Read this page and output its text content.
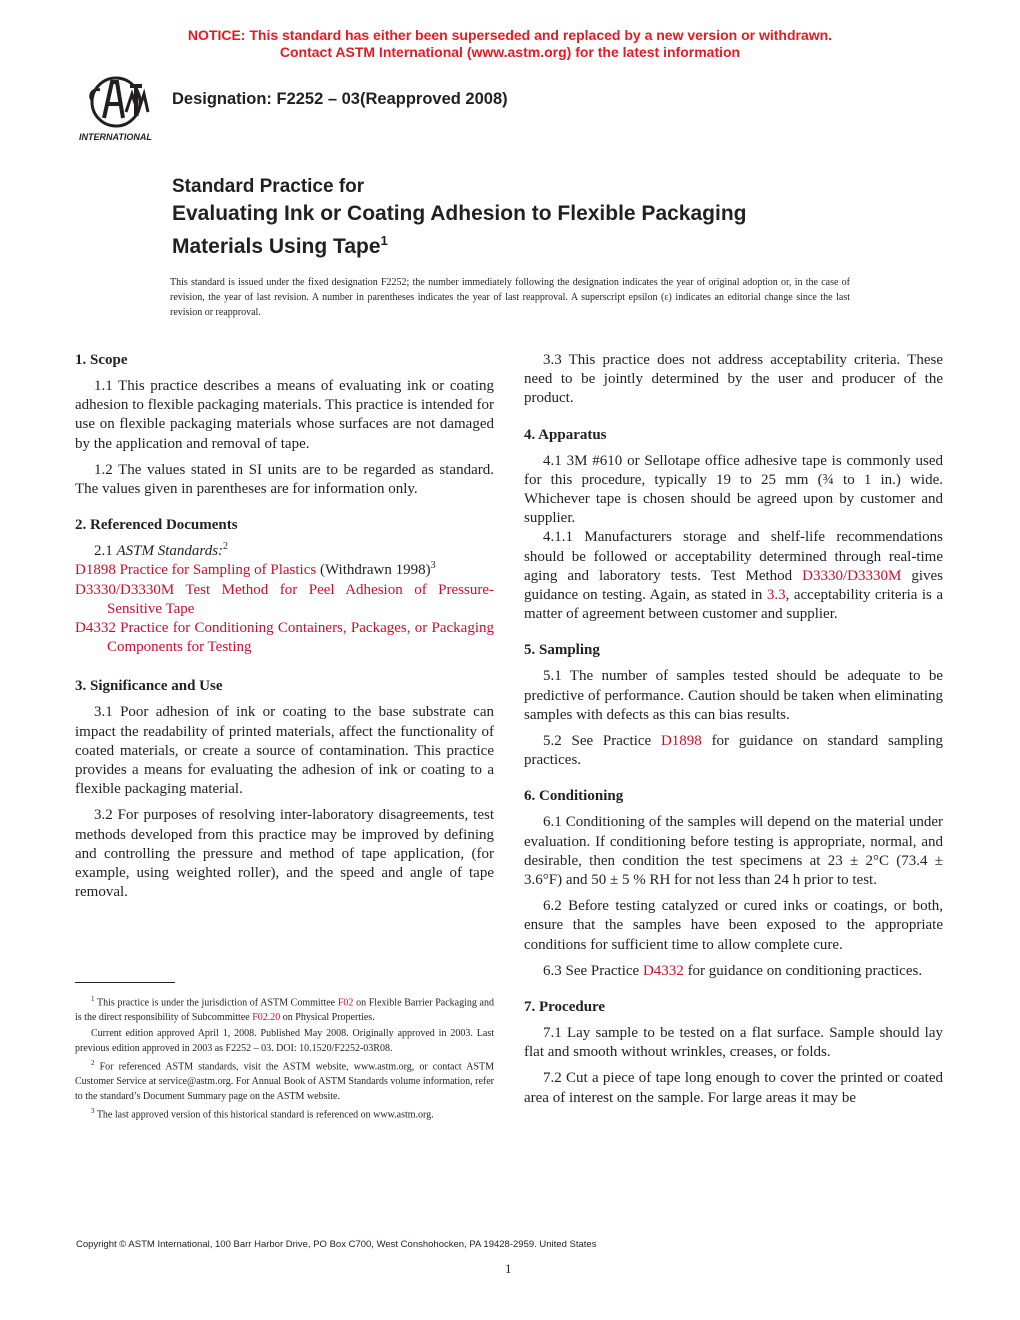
NOTICE: This standard has either been superseded and replaced by a new version or withdrawn.
Contact ASTM International (www.astm.org) for the latest information
INTERNATIONAL
Designation: F2252 – 03(Reapproved 2008)
Standard Practice for
Evaluating Ink or Coating Adhesion to Flexible Packaging
Materials Using Tape$^1$
This standard is issued under the fixed designation F2252; the number immediately following the designation indicates the year of original adoption or, in the case of revision, the year of last revision. A number in parentheses indicates the year of last reapproval. A superscript epsilon (ε) indicates an editorial change since the last revision or reapproval.
1. Scope

1.1 This practice describes a means of evaluating ink or coating adhesion to flexible packaging materials. This practice is intended for use on flexible packaging materials whose surfaces are not damaged by the application and removal of tape.

1.2 The values stated in SI units are to be regarded as standard. The values given in parentheses are for information only.

2. Referenced Documents

2.1 ASTM Standards:$^2$

D1898 Practice for Sampling of Plastics (Withdrawn 1998)$^3$
D3330/D3330M Test Method for Peel Adhesion of Pressure-Sensitive Tape
D4332 Practice for Conditioning Containers, Packages, or Packaging Components for Testing
3. Significance and Use

3.1 Poor adhesion of ink or coating to the base substrate can impact the readability of printed materials, affect the functionality of coated materials, or create a source of contamination. This practice provides a means for evaluating the adhesion of ink or coating to a flexible packaging material.

3.2 For purposes of resolving inter-laboratory disagreements, test methods developed from this practice may be improved by defining and controlling the pressure and method of tape application, (for example, using weighted roller), and the speed and angle of tape removal.

$^1$ This practice is under the jurisdiction of ASTM Committee F02 on Flexible Barrier Packaging and is the direct responsibility of Subcommittee F02.20 on Physical Properties.

Current edition approved April 1, 2008. Published May 2008. Originally approved in 2003. Last previous edition approved in 2003 as F2252 – 03. DOI: 10.1520/F2252-03R08.

$^2$ For referenced ASTM standards, visit the ASTM website, www.astm.org, or contact ASTM Customer Service at service@astm.org. For Annual Book of ASTM Standards volume information, refer to the standard’s Document Summary page on the ASTM website.

$^3$ The last approved version of this historical standard is referenced on www.astm.org.

3.3 This practice does not address acceptability criteria. These need to be jointly determined by the user and producer of the product.

4. Apparatus

4.1 3M #610 or Sellotape office adhesive tape is commonly used for this procedure, typically 19 to 25 mm (¾ to 1 in.) wide. Whichever tape is chosen should be agreed upon by customer and supplier.

4.1.1 Manufacturers storage and shelf-life recommendations should be followed or acceptability determined through real-time aging and laboratory tests. Test Method D3330/D3330M gives guidance on testing. Again, as stated in 3.3, acceptability criteria is a matter of agreement between customer and supplier.

5. Sampling

5.1 The number of samples tested should be adequate to be predictive of performance. Caution should be taken when eliminating samples with defects as this can bias results.

5.2 See Practice D1898 for guidance on standard sampling practices.

6. Conditioning

6.1 Conditioning of the samples will depend on the material under evaluation. If conditioning before testing is appropriate, normal, and desirable, then condition the test specimens at 23 ± 2°C (73.4 ± 3.6°F) and 50 ± 5 % RH for not less than 24 h prior to test.

6.2 Before testing catalyzed or cured inks or coatings, or both, ensure that the samples have been exposed to the appropriate conditions for sufficient time to allow complete cure.

6.3 See Practice D4332 for guidance on conditioning practices.

7. Procedure

7.1 Lay sample to be tested on a flat surface. Sample should lay flat and smooth without wrinkles, creases, or folds.

7.2 Cut a piece of tape long enough to cover the printed or coated area of interest on the sample. For large areas it may be

Copyright © ASTM International, 100 Barr Harbor Drive, PO Box C700, West Conshohocken, PA 19428-2959. United States
1
